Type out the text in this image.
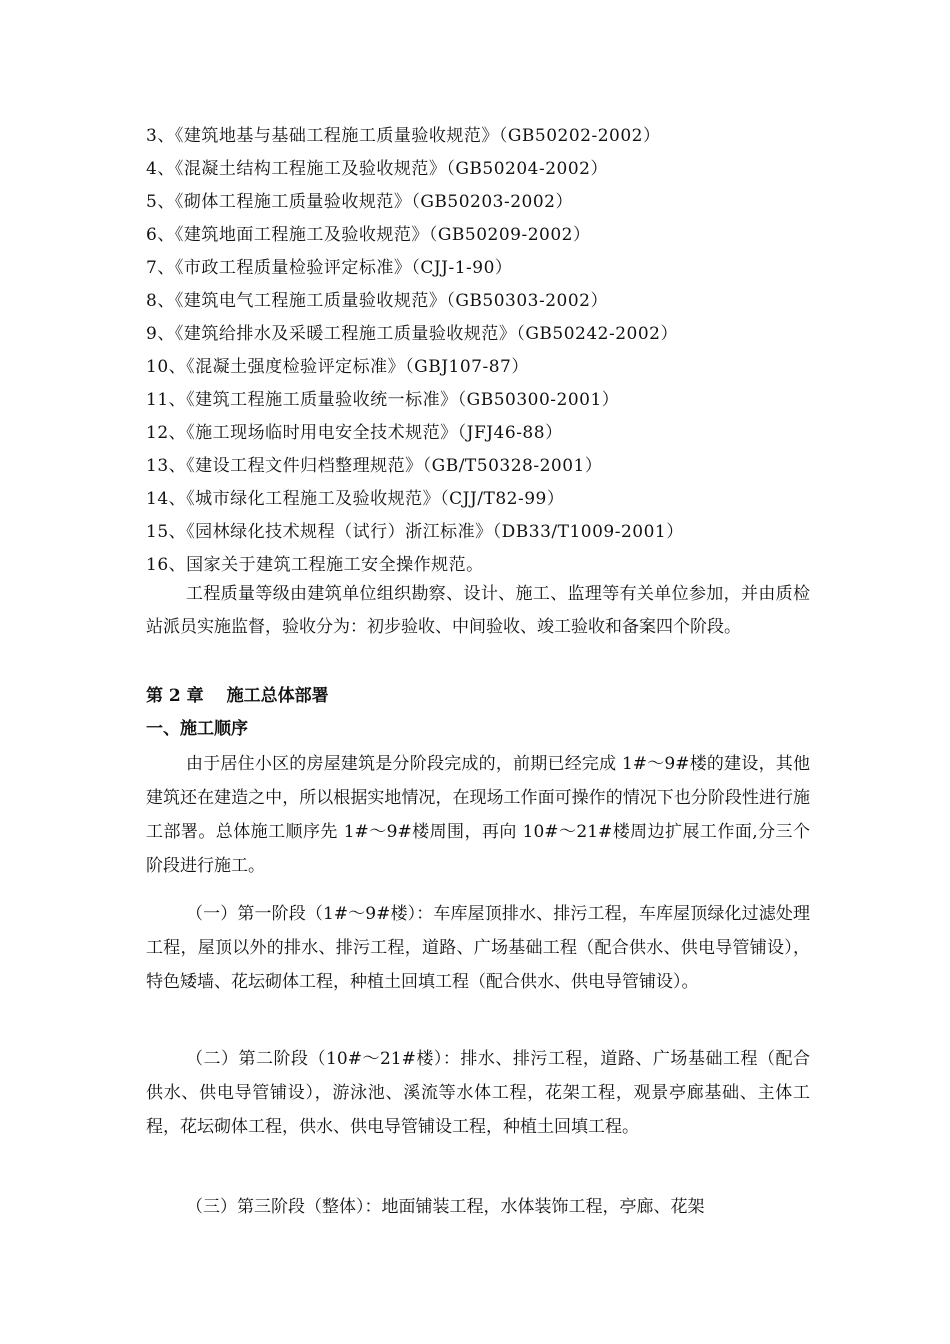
3、《建筑地基与基础工程施工质量验收规范》（GB50202-2002）
4、《混凝土结构工程施工及验收规范》（GB50204-2002）
5、《砌体工程施工质量验收规范》（GB50203-2002）
6、《建筑地面工程施工及验收规范》（GB50209-2002）
7、《市政工程质量检验评定标准》（CJJ-1-90）
8、《建筑电气工程施工质量验收规范》（GB50303-2002）
9、《建筑给排水及采暖工程施工质量验收规范》（GB50242-2002）
10、《混凝土强度检验评定标准》（GBJ107-87）
11、《建筑工程施工质量验收统一标准》（GB50300-2001）
12、《施工现场临时用电安全技术规范》（JFJ46-88）
13、《建设工程文件归档整理规范》（GB/T50328-2001）
14、《城市绿化工程施工及验收规范》（CJJ/T82-99）
15、《园林绿化技术规程（试行）浙江标准》（DB33/T1009-2001）
16、国家关于建筑工程施工安全操作规范。

工程质量等级由建筑单位组织勘察、设计、施工、监理等有关单位参加，并由质检站派员实施监督，验收分为：初步验收、中间验收、竣工验收和备案四个阶段。

第 2 章　 施工总体部署
一、施工顺序

由于居住小区的房屋建筑是分阶段完成的，前期已经完成 1#～9#楼的建设，其他建筑还在建造之中，所以根据实地情况，在现场工作面可操作的情况下也分阶段性进行施工部署。总体施工顺序先 1#～9#楼周围，再向 10#～21#楼周边扩展工作面,分三个阶段进行施工。

（一）第一阶段（1#～9#楼）：车库屋顶排水、排污工程，车库屋顶绿化过滤处理工程，屋顶以外的排水、排污工程，道路、广场基础工程（配合供水、供电导管铺设），特色矮墙、花坛砌体工程，种植土回填工程（配合供水、供电导管铺设）。

（二）第二阶段（10#～21#楼）：排水、排污工程，道路、广场基础工程（配合供水、供电导管铺设），游泳池、溪流等水体工程，花架工程，观景亭廊基础、主体工程，花坛砌体工程，供水、供电导管铺设工程，种植土回填工程。

（三）第三阶段（整体）：地面铺装工程，水体装饰工程，亭廊、花架
